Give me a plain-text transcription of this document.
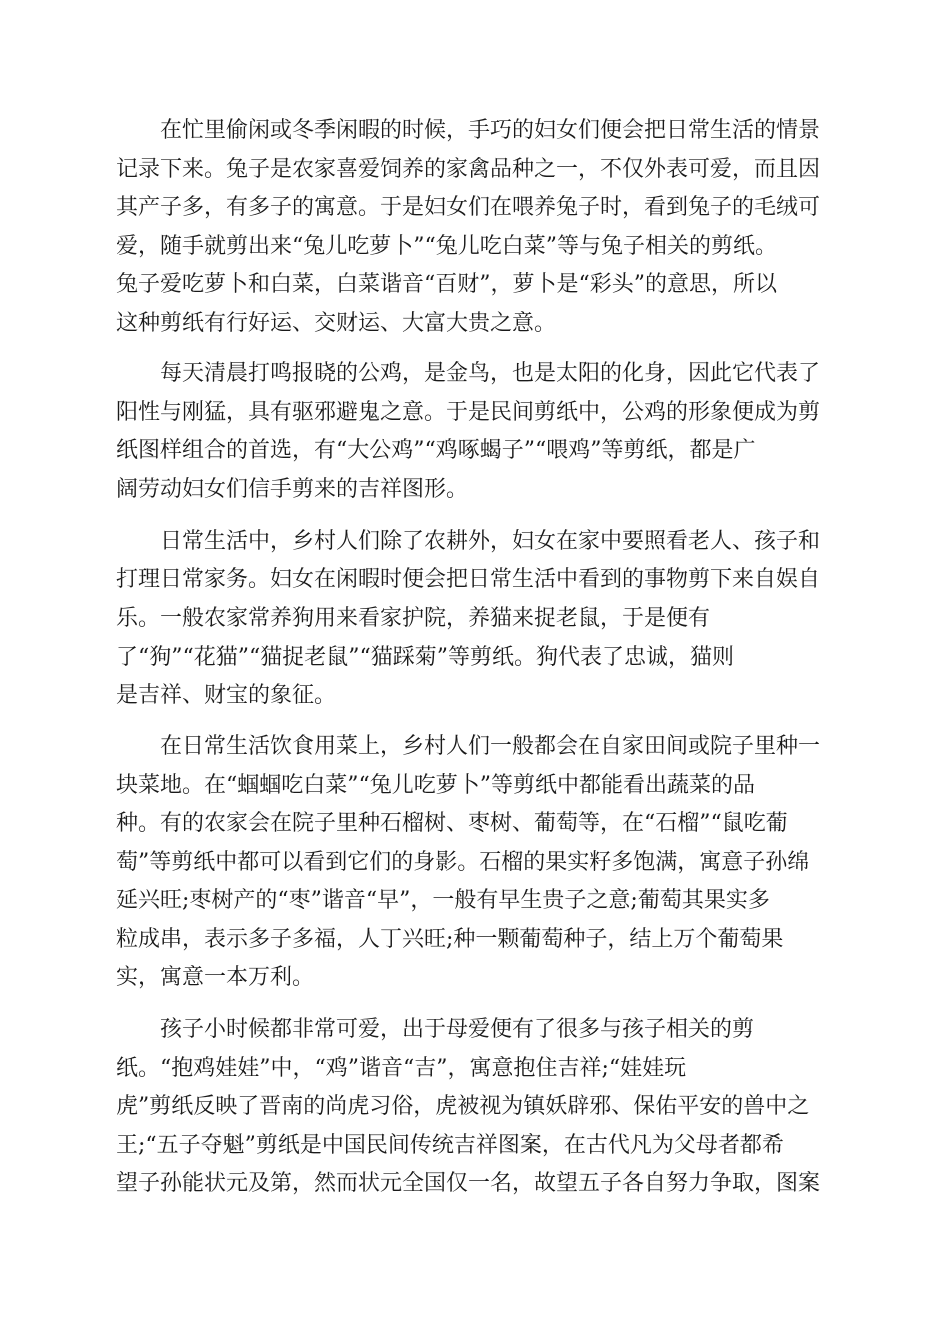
在忙里偷闲或冬季闲暇的时候，手巧的妇女们便会把日常生活的情景
记录下来。兔子是农家喜爱饲养的家禽品种之一，不仅外表可爱，而且因
其产子多，有多子的寓意。于是妇女们在喂养兔子时，看到兔子的毛绒可
爱，随手就剪出来“兔儿吃萝卜”“兔儿吃白菜”等与兔子相关的剪纸。
兔子爱吃萝卜和白菜，白菜谐音“百财”，萝卜是“彩头”的意思，所以
这种剪纸有行好运、交财运、大富大贵之意。
每天清晨打鸣报晓的公鸡，是金鸟，也是太阳的化身，因此它代表了
阳性与刚猛，具有驱邪避鬼之意。于是民间剪纸中，公鸡的形象便成为剪
纸图样组合的首选，有“大公鸡”“鸡啄蝎子”“喂鸡”等剪纸，都是广
阔劳动妇女们信手剪来的吉祥图形。
日常生活中，乡村人们除了农耕外，妇女在家中要照看老人、孩子和
打理日常家务。妇女在闲暇时便会把日常生活中看到的事物剪下来自娱自
乐。一般农家常养狗用来看家护院，养猫来捉老鼠，于是便有
了“狗”“花猫”“猫捉老鼠”“猫踩菊”等剪纸。狗代表了忠诚，猫则
是吉祥、财宝的象征。
在日常生活饮食用菜上，乡村人们一般都会在自家田间或院子里种一
块菜地。在“蝈蝈吃白菜”“兔儿吃萝卜”等剪纸中都能看出蔬菜的品
种。有的农家会在院子里种石榴树、枣树、葡萄等，在“石榴”“鼠吃葡
萄”等剪纸中都可以看到它们的身影。石榴的果实籽多饱满，寓意子孙绵
延兴旺;枣树产的“枣”谐音“早”，一般有早生贵子之意;葡萄其果实多
粒成串，表示多子多福，人丁兴旺;种一颗葡萄种子，结上万个葡萄果
实，寓意一本万利。
孩子小时候都非常可爱，出于母爱便有了很多与孩子相关的剪
纸。“抱鸡娃娃”中，“鸡”谐音“吉”，寓意抱住吉祥;“娃娃玩
虎”剪纸反映了晋南的尚虎习俗，虎被视为镇妖辟邪、保佑平安的兽中之
王;“五子夺魁”剪纸是中国民间传统吉祥图案，在古代凡为父母者都希
望子孙能状元及第，然而状元全国仅一名，故望五子各自努力争取，图案
